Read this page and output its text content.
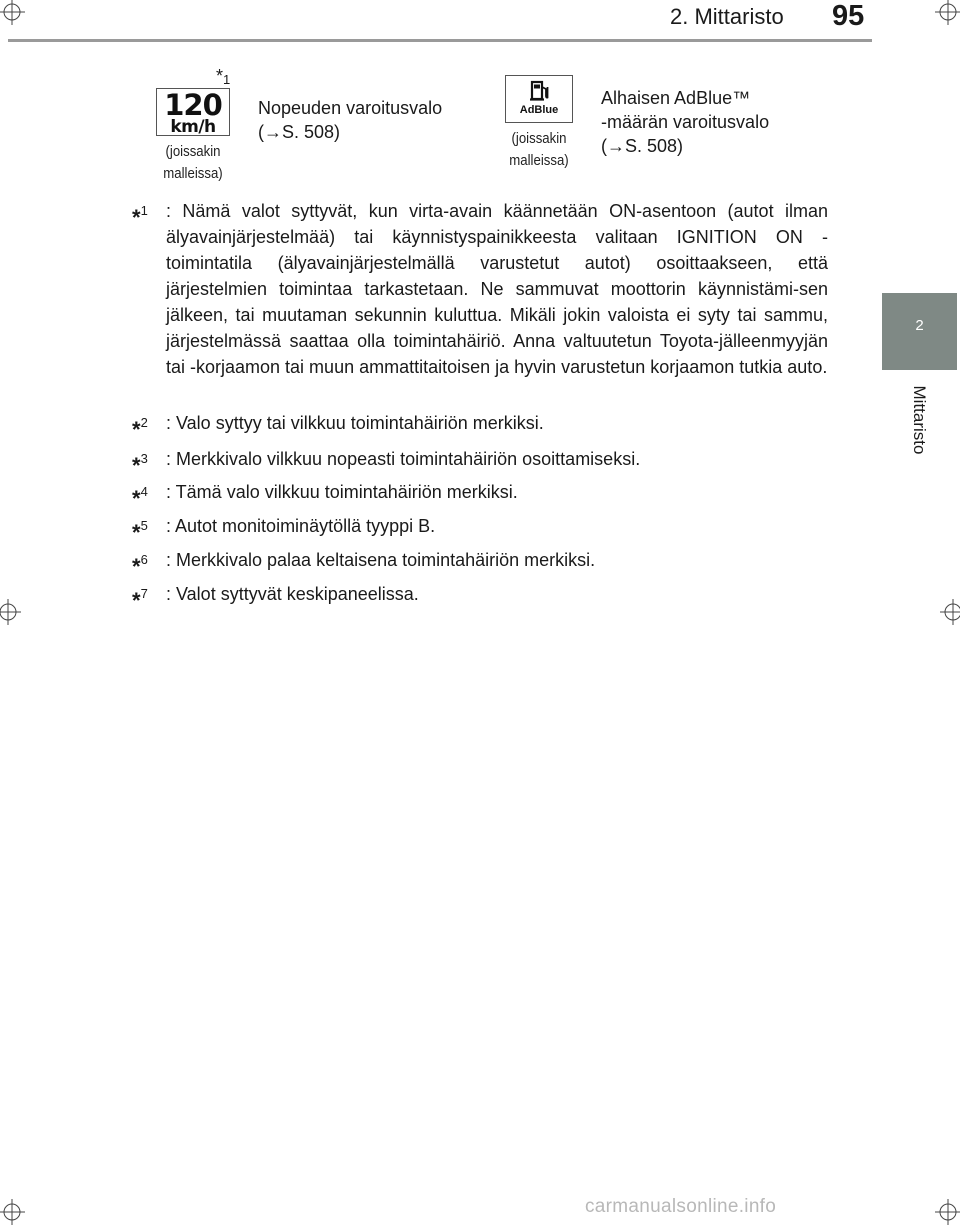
2. Mittaristo 95
2
Mittaristo
$*_1$
120
km/h
(joissakin
malleissa)
Nopeuden varoitusvalo
(→S. 508)
AdBlue
(joissakin
malleissa)
Alhaisen AdBlue™
-määrän varoitusvalo
(→S. 508)
*$^1$ : Nämä valot syttyvät, kun virta-avain käännetään ON-asentoon (autot ilman älyavainjärjestelmää) tai käynnistyspainikkeesta valitaan IGNITION ON -toimintatila (älyavainjärjestelmällä varustetut autot) osoittaakseen, että järjestelmien toimintaa tarkastetaan. Ne sammuvat moottorin käynnistämi-sen jälkeen, tai muutaman sekunnin kuluttua. Mikäli jokin valoista ei syty tai sammu, järjestelmässä saattaa olla toimintahäiriö. Anna valtuutetun Toyota-jälleenmyyjän tai -korjaamon tai muun ammattitaitoisen ja hyvin varustetun korjaamon tutkia auto.
*$^2$ : Valo syttyy tai vilkkuu toimintahäiriön merkiksi.
*$^3$ : Merkkivalo vilkkuu nopeasti toimintahäiriön osoittamiseksi.
*$^4$ : Tämä valo vilkkuu toimintahäiriön merkiksi.
*$^5$ : Autot monitoiminäytöllä tyyppi B.
*$^6$ : Merkkivalo palaa keltaisena toimintahäiriön merkiksi.
*$^7$ : Valot syttyvät keskipaneelissa.
carmanualsonline.info
